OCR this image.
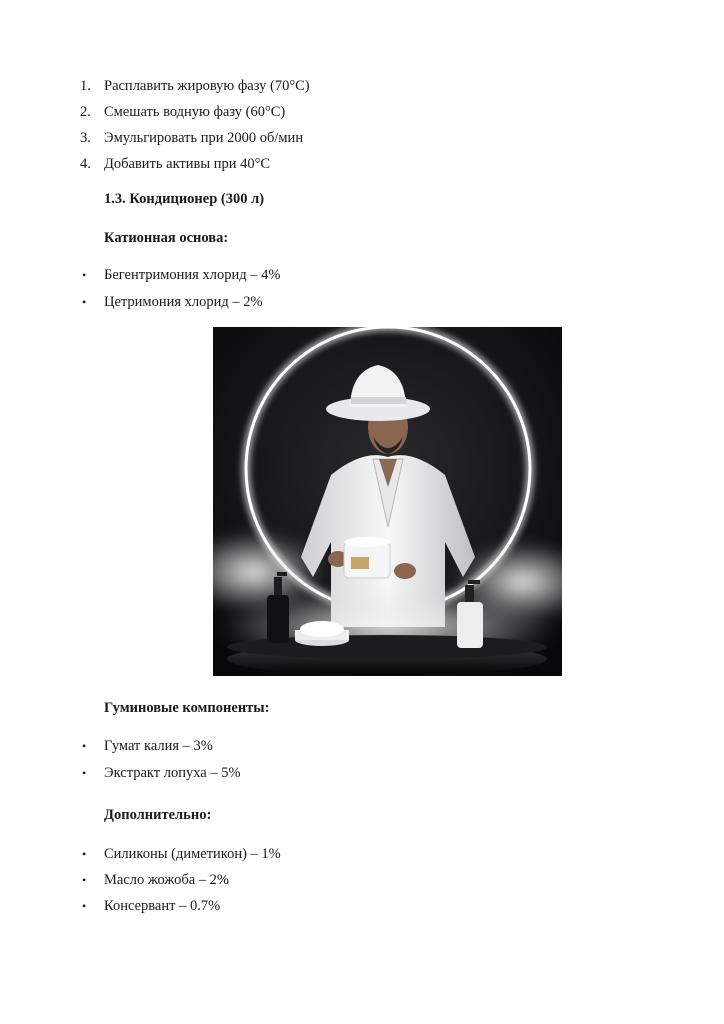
1. Расплавить жировую фазу (70°C)
2. Смешать водную фазу (60°C)
3. Эмульгировать при 2000 об/мин
4. Добавить активы при 40°C
1.3. Кондиционер (300 л)
Катионная основа:
• Бегентримония хлорид – 4%
• Цетримония хлорид – 2%
Гуминовые компоненты:
• Гумат калия – 3%
• Экстракт лопуха – 5%
Дополнительно:
• Силиконы (диметикон) – 1%
• Масло жожоба – 2%
• Консервант – 0.7%
